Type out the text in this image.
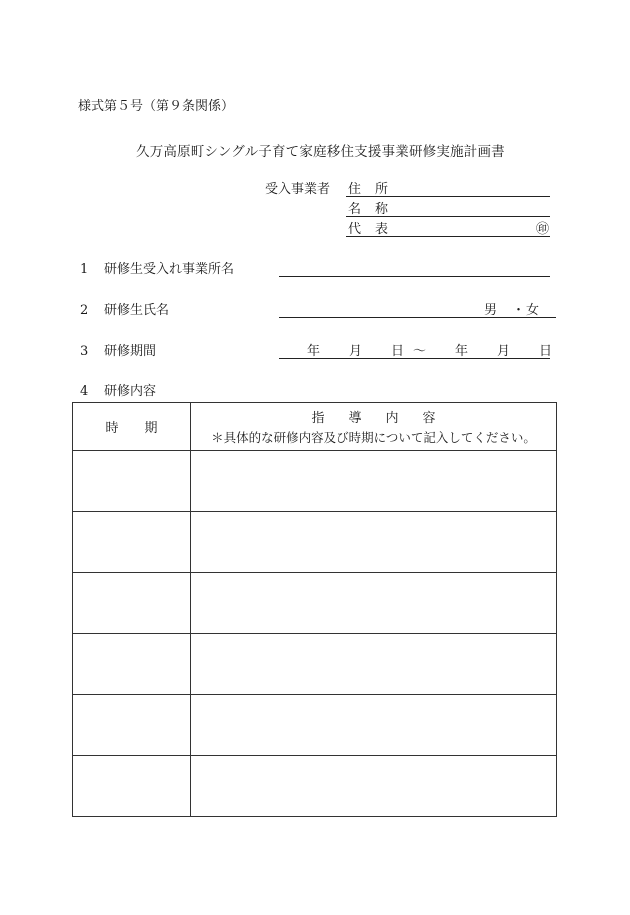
様式第５号（第９条関係）
久万高原町シングル子育て家庭移住支援事業研修実施計画書
受入事業者 住 所
名 称
代 表	㊞
1 研修生受入れ事業所名
2 研修生氏名	男 ・ 女
3 研修期間	年 月 日 〜 年 月 日
4 研修内容
時　　 期	指 導 内 容
＊具体的な研修内容及び時期について記入してください。
